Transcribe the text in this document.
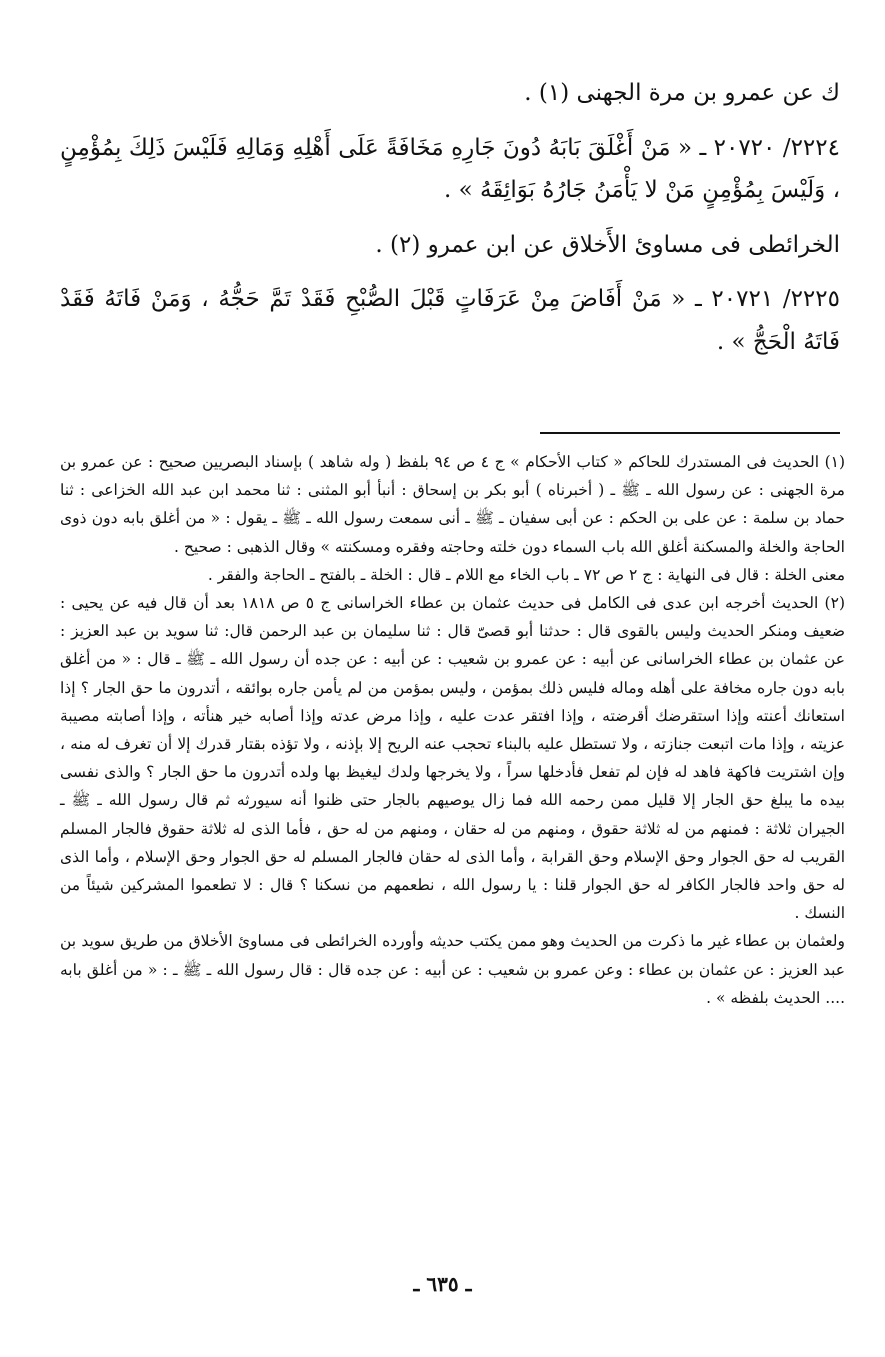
ك عن عمرو بن مرة الجهنى (١) .

٢٢٢٤/ ٢٠٧٢٠ ـ « مَنْ أَغْلَقَ بَابَهُ دُونَ جَارِهِ مَخَافَةً عَلَى أَهْلِهِ وَمَالِهِ فَلَيْسَ ذَلِكَ بِمُؤْمِنٍ ، وَلَيْسَ بِمُؤْمِنٍ مَنْ لا يَأْمَنُ جَارُهُ بَوَائِقَهُ » .

الخرائطى فى مساوئ الأَخلاق عن ابن عمرو (٢) .

٢٢٢٥/ ٢٠٧٢١ ـ « مَنْ أَفَاضَ مِنْ عَرَفَاتٍ قَبْلَ الصُّبْحِ فَقَدْ تَمَّ حَجُّهُ ، وَمَنْ فَاتَهُ فَقَدْ فَاتَهُ الْحَجُّ » .

(١) الحديث فى المستدرك للحاكم « كتاب الأحكام » ج ٤ ص ٩٤ بلفظ ( وله شاهد ) بإسناد البصريين صحيح : عن عمرو بن مرة الجهنى : عن رسول الله ـ ﷺ ـ ( أخبرناه ) أبو بكر بن إسحاق : أنبأ أبو المثنى : ثنا محمد ابن عبد الله الخزاعى : ثنا حماد بن سلمة : عن على بن الحكم : عن أبى سفيان ـ ﷺ ـ أنى سمعت رسول الله ـ ﷺ ـ يقول : « من أغلق بابه دون ذوى الحاجة والخلة والمسكنة أغلق الله باب السماء دون خلته وحاجته وفقره ومسكنته » وقال الذهبى : صحيح .

معنى الخلة : قال فى النهاية : ج ٢ ص ٧٢ ـ باب الخاء مع اللام ـ قال : الخلة ـ بالفتح ـ الحاجة والفقر .

(٢) الحديث أخرجه ابن عدى فى الكامل فى حديث عثمان بن عطاء الخراسانى ج ٥ ص ١٨١٨ بعد أن قال فيه عن يحيى : ضعيف ومنكر الحديث وليس بالقوى قال : حدثنا أبو قصىّ قال : ثنا سليمان بن عبد الرحمن قال: ثنا سويد بن عبد العزيز : عن عثمان بن عطاء الخراسانى عن أبيه : عن عمرو بن شعيب : عن أبيه : عن جده أن رسول الله ـ ﷺ ـ قال : « من أغلق بابه دون جاره مخافة على أهله وماله فليس ذلك بمؤمن ، وليس بمؤمن من لم يأمن جاره بوائقه ، أتدرون ما حق الجار ؟ إذا استعانك أعنته وإذا استقرضك أقرضته ، وإذا افتقر عدت عليه ، وإذا مرض عدته وإذا أصابه خير هنأته ، وإذا أصابته مصيبة عزيته ، وإذا مات اتبعت جنازته ، ولا تستطل عليه بالبناء تحجب عنه الريح إلا بإذنه ، ولا تؤذه بقتار قدرك إلا أن تغرف له منه ، وإن اشتريت فاكهة فاهد له فإن لم تفعل فأدخلها سراً ، ولا يخرجها ولدك ليغيظ بها ولده أتدرون ما حق الجار ؟ والذى نفسى بيده ما يبلغ حق الجار إلا قليل ممن رحمه الله فما زال يوصيهم بالجار حتى ظنوا أنه سيورثه ثم قال رسول الله ـ ﷺ ـ الجيران ثلاثة : فمنهم من له ثلاثة حقوق ، ومنهم من له حقان ، ومنهم من له حق ، فأما الذى له ثلاثة حقوق فالجار المسلم القريب له حق الجوار وحق الإسلام وحق القرابة ، وأما الذى له حقان فالجار المسلم له حق الجوار وحق الإسلام ، وأما الذى له حق واحد فالجار الكافر له حق الجوار قلنا : يا رسول الله ، نطعمهم من نسكنا ؟ قال : لا تطعموا المشركين شيئاً من النسك .

ولعثمان بن عطاء غير ما ذكرت من الحديث وهو ممن يكتب حديثه وأورده الخرائطى فى مساوئ الأخلاق من طريق سويد بن عبد العزيز : عن عثمان بن عطاء : وعن عمرو بن شعيب : عن أبيه : عن جده قال : قال رسول الله ـ ﷺ ـ : « من أغلق بابه .... الحديث بلفظه » .

ـ ٦٣٥ ـ
